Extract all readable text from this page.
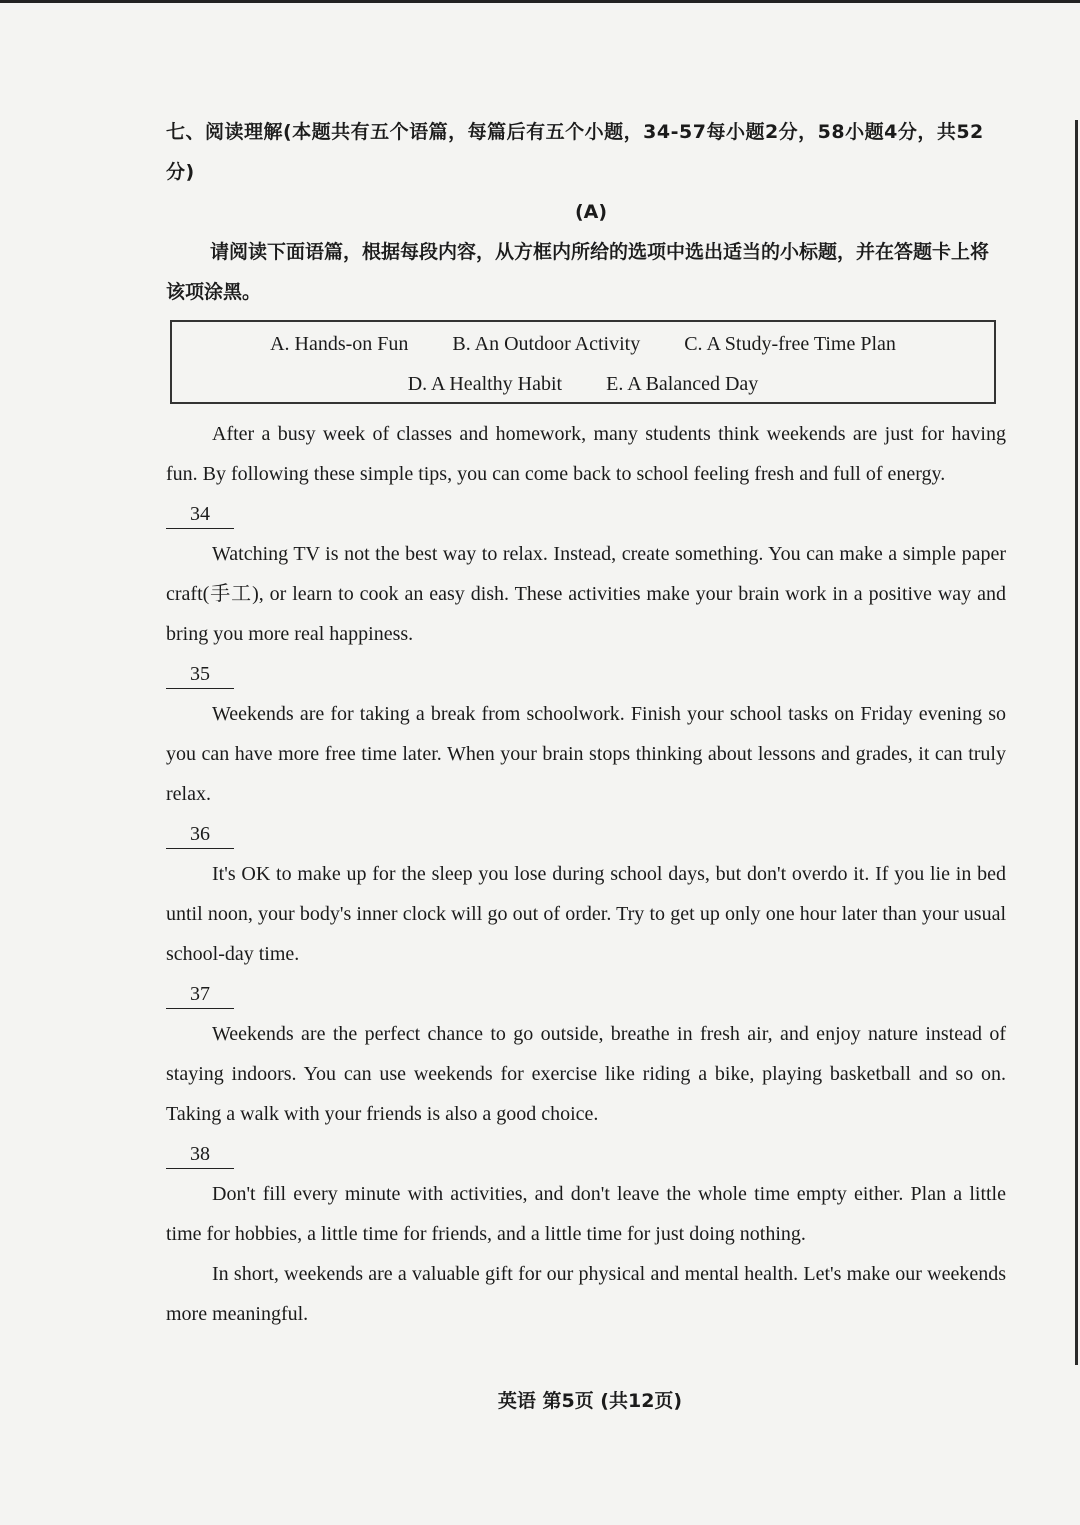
七、阅读理解(本题共有五个语篇，每篇后有五个小题，34-57每小题2分，58小题4分，共52分)

(A)

请阅读下面语篇，根据每段内容，从方框内所给的选项中选出适当的小标题，并在答题卡上将该项涂黑。

A. Hands-on Fun B. An Outdoor Activity C. A Study-free Time Plan
D. A Healthy Habit E. A Balanced Day

After a busy week of classes and homework, many students think weekends are just for having fun. By following these simple tips, you can come back to school feeling fresh and full of energy.

34

Watching TV is not the best way to relax. Instead, create something. You can make a simple paper craft(手工), or learn to cook an easy dish. These activities make your brain work in a positive way and bring you more real happiness.

35

Weekends are for taking a break from schoolwork. Finish your school tasks on Friday evening so you can have more free time later. When your brain stops thinking about lessons and grades, it can truly relax.

36

It's OK to make up for the sleep you lose during school days, but don't overdo it. If you lie in bed until noon, your body's inner clock will go out of order. Try to get up only one hour later than your usual school-day time.

37

Weekends are the perfect chance to go outside, breathe in fresh air, and enjoy nature instead of staying indoors. You can use weekends for exercise like riding a bike, playing basketball and so on. Taking a walk with your friends is also a good choice.

38

Don't fill every minute with activities, and don't leave the whole time empty either. Plan a little time for hobbies, a little time for friends, and a little time for just doing nothing.

In short, weekends are a valuable gift for our physical and mental health. Let's make our weekends more meaningful.

英语 第5页 (共12页)
